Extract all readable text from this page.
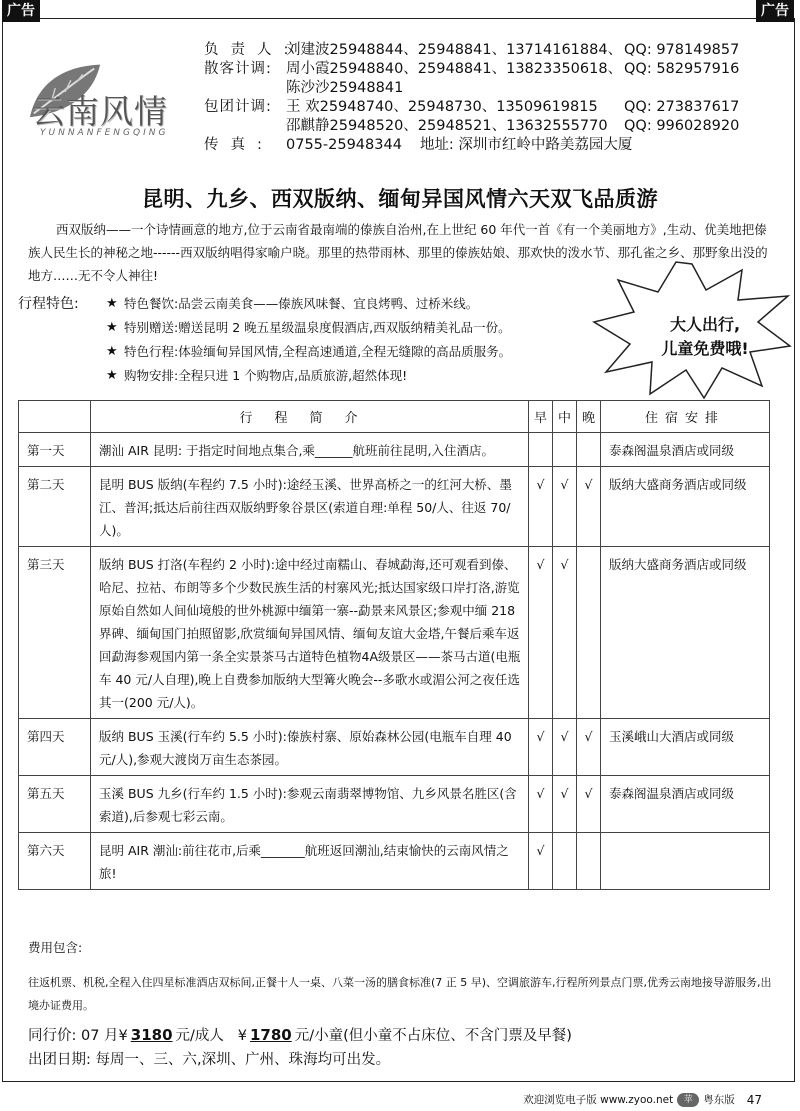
广告	广告
云南风情
YUNNANFENGQING
负责人:
刘建波25948844、25948841、13714161884、 QQ: 978149857
散客计调: 周小霞25948840、25948841、13823350618、 QQ: 582957916
陈沙沙25948841
包团计调: 王 欢25948740、25948730、13509619815	QQ: 273837617
邵麒静25948520、25948521、13632555770	QQ: 996028920
传真: 0755-25948344 地址: 深圳市红岭中路美荔园大厦
昆明、九乡、西双版纳、缅甸异国风情六天双飞品质游

西双版纳——一个诗情画意的地方,位于云南省最南端的傣族自治州,在上世纪 60 年代一首《有一个美丽地方》,生动、优美地把傣族人民生长的神秘之地------西双版纳唱得家喻户晓。那里的热带雨林、那里的傣族姑娘、那欢快的泼水节、那孔雀之乡、那野象出没的地方……无不令人神往!

行程特色:	★ 特色餐饮: 品尝云南美食——傣族风味餐、宜良烤鸭、过桥米线。
★ 特别赠送: 赠送昆明 2 晚五星级温泉度假酒店,西双版纳精美礼品一份。
★ 特色行程: 体验缅甸异国风情,全程高速通道,全程无缝隙的高品质服务。
★ 购物安排: 全程只进 1 个购物店,品质旅游,超然体现!
大人出行,
儿童免费哦!
	行程简介	早	中	晚	住宿安排
第一天	潮汕 AIR 昆明: 于指定时间地点集合,乘______航班前往昆明,入住酒店。				泰森阁温泉酒店或同级
第二天	昆明 BUS 版纳(车程约 7.5 小时):途经玉溪、世界高桥之一的红河大桥、墨江、普洱;抵达后前往西双版纳野象谷景区(索道自理:单程 50/人、往返 70/人)。	√	√	√	版纳大盛商务酒店或同级
第三天	版纳 BUS 打洛(车程约 2 小时):途中经过南糯山、春城勐海,还可观看到傣、哈尼、拉祜、布朗等多个少数民族生活的村寨风光;抵达国家级口岸打洛,游览原始自然如人间仙境般的世外桃源中缅第一寨--勐景来风景区;参观中缅 218 界碑、缅甸国门拍照留影,欣赏缅甸异国风情、缅甸友谊大金塔,午餐后乘车返回勐海参观国内第一条全实景茶马古道特色植物4A级景区——茶马古道(电瓶车 40 元/人自理),晚上自费参加版纳大型篝火晚会--多歌水或湄公河之夜任选其一(200 元/人)。	√	√		版纳大盛商务酒店或同级
第四天	版纳 BUS 玉溪(行车约 5.5 小时):傣族村寨、原始森林公园(电瓶车自理 40 元/人),参观大渡岗万亩生态茶园。	√	√	√	玉溪峨山大酒店或同级
第五天	玉溪 BUS 九乡(行车约 1.5 小时):参观云南翡翠博物馆、九乡风景名胜区(含索道),后参观七彩云南。	√	√	√	泰森阁温泉酒店或同级
第六天	昆明 AIR 潮汕:前往花市,后乘_______航班返回潮汕,结束愉快的云南风情之旅!	√			
费用包含:
往返机票、机税,全程入住四星标准酒店双标间,正餐十人一桌、八菜一汤的膳食标准(7 正 5 早)、空调旅游车,行程所列景点门票,优秀云南地接导游服务,出境办证费用。
同行价: 07 月¥ 3180 元/成人 ¥ 1780 元/小童(但小童不占床位、不含门票及早餐)
出团日期: 每周一、三、六,深圳、广州、珠海均可出发。
欢迎浏览电子版 www.zyoo.net	苹	粤东版 47
